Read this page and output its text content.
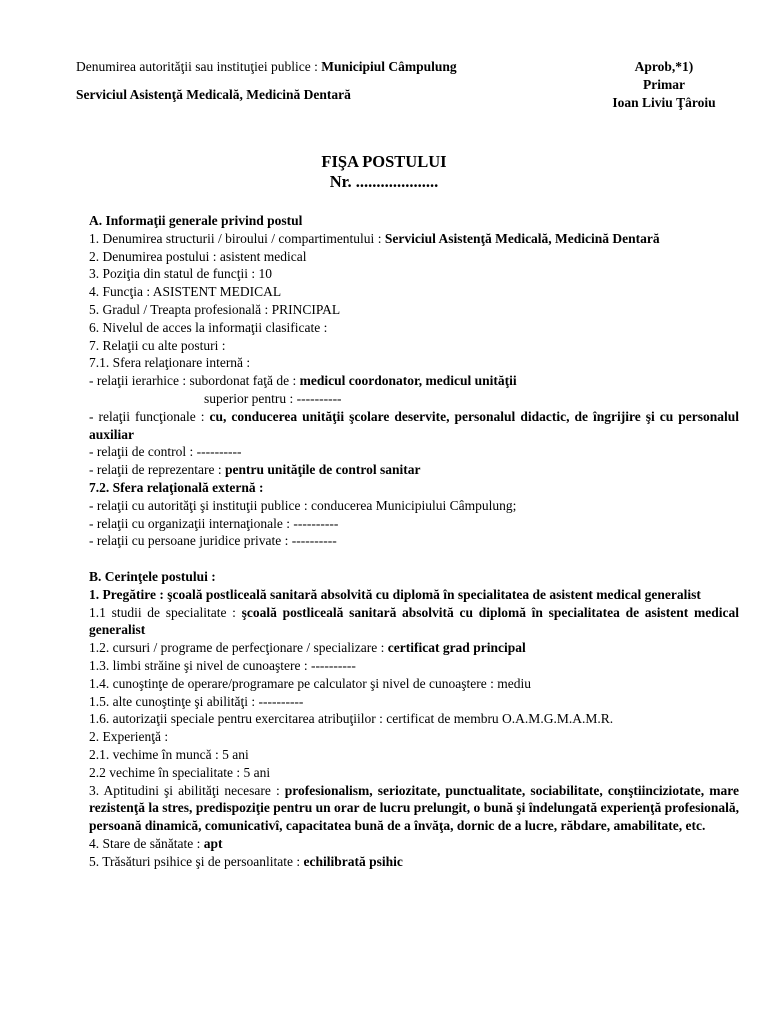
Denumirea autorităţii sau instituţiei publice : Municipiul Câmpulung
Serviciul Asistenţă Medicală, Medicină Dentară
Aprob,*1)
Primar
Ioan Liviu Ţâroiu
FIŞA POSTULUI
Nr. ....................
A. Informaţii generale privind postul
1. Denumirea structurii / biroului / compartimentului : Serviciul Asistenţă Medicală, Medicină Dentară
2. Denumirea postului : asistent medical
3. Poziţia din statul de funcţii : 10
4. Funcţia : ASISTENT MEDICAL
5. Gradul / Treapta profesională : PRINCIPAL
6. Nivelul de acces la informaţii clasificate :
7. Relaţii cu alte posturi :
7.1. Sfera relaţionare internă :
- relaţii ierarhice : subordonat faţă de : medicul coordonator, medicul unităţii
superior pentru : ----------
- relaţii funcţionale : cu, conducerea unităţii şcolare deservite, personalul didactic, de îngrijire şi cu personalul auxiliar
- relaţii de control : ----------
- relaţii de reprezentare : pentru unităţile de control sanitar
7.2. Sfera relaţională externă :
- relaţii cu autorităţi şi instituţii publice : conducerea Municipiului Câmpulung;
- relaţii cu organizaţii internaţionale : ----------
- relaţii cu persoane juridice private : ----------
B. Cerinţele postului :
1. Pregătire : şcoală postliceală sanitară absolvită cu diplomă în specialitatea de asistent medical generalist
1.1 studii de specialitate : şcoală postliceală sanitară absolvită cu diplomă în specialitatea de asistent medical generalist
1.2. cursuri / programe de perfecţionare / specializare : certificat grad principal
1.3. limbi străine şi nivel de cunoaştere : ----------
1.4. cunoştinţe de operare/programare pe calculator şi nivel de cunoaştere : mediu
1.5. alte cunoştinţe şi abilităţi : ----------
1.6. autorizaţii speciale pentru exercitarea atribuţiilor : certificat de membru O.A.M.G.M.A.M.R.
2. Experienţă :
2.1. vechime în muncă : 5 ani
2.2 vechime în specialitate : 5 ani
3. Aptitudini şi abilităţi necesare : profesionalism, seriozitate, punctualitate, sociabilitate, conştiinciziotate, mare rezistenţă la stres, predispoziţie pentru un orar de lucru prelungit, o bună şi îndelungată experienţă profesională, persoană dinamică, comunicativî, capacitatea bună de a învăţa, dornic de a lucre, răbdare, amabilitate, etc.
4. Stare de sănătate : apt
5. Trăsături psihice şi de persoanlitate : echilibrată psihic
